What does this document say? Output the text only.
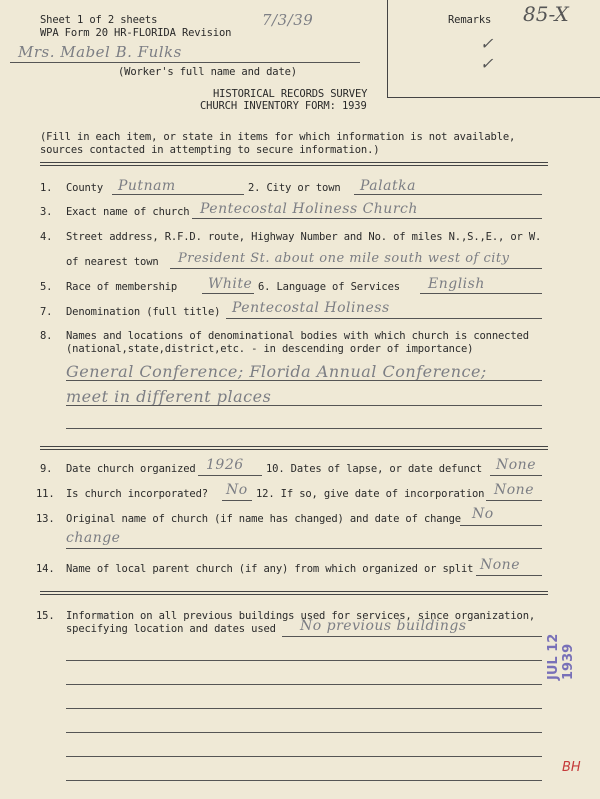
Sheet 1 of 2 sheets
WPA Form 20 HR-FLORIDA Revision
7/3/39
Mrs. Mabel B. Fulks
(Worker's full name and date)
Remarks 85-X
✓
✓
HISTORICAL RECORDS SURVEY
CHURCH INVENTORY FORM: 1939
(Fill in each item, or state in items for which information is not available,
sources contacted in attempting to secure information.)
1. County Putnam	2. City or town Palatka
3. Exact name of church Pentecostal Holiness Church
4. Street address, R.F.D. route, Highway Number and No. of miles N.,S.,E., or W.
of nearest town President St. about one mile south west of city
5. Race of membership White 6. Language of Services English
7. Denomination (full title) Pentecostal Holiness
8. Names and locations of denominational bodies with which church is connected
(national,state,district,etc. - in descending order of importance)
General Conference; Florida Annual Conference;
meet in different places
9. Date church organized 1926 10. Dates of lapse, or date defunct None
11. Is church incorporated? No 12. If so, give date of incorporation None
13. Original name of church (if name has changed) and date of change No
change
14. Name of local parent church (if any) from which organized or split None
15. Information on all previous buildings used for services, since organization,
specifying location and dates used No previous buildings
JUL 12 1939
BH
